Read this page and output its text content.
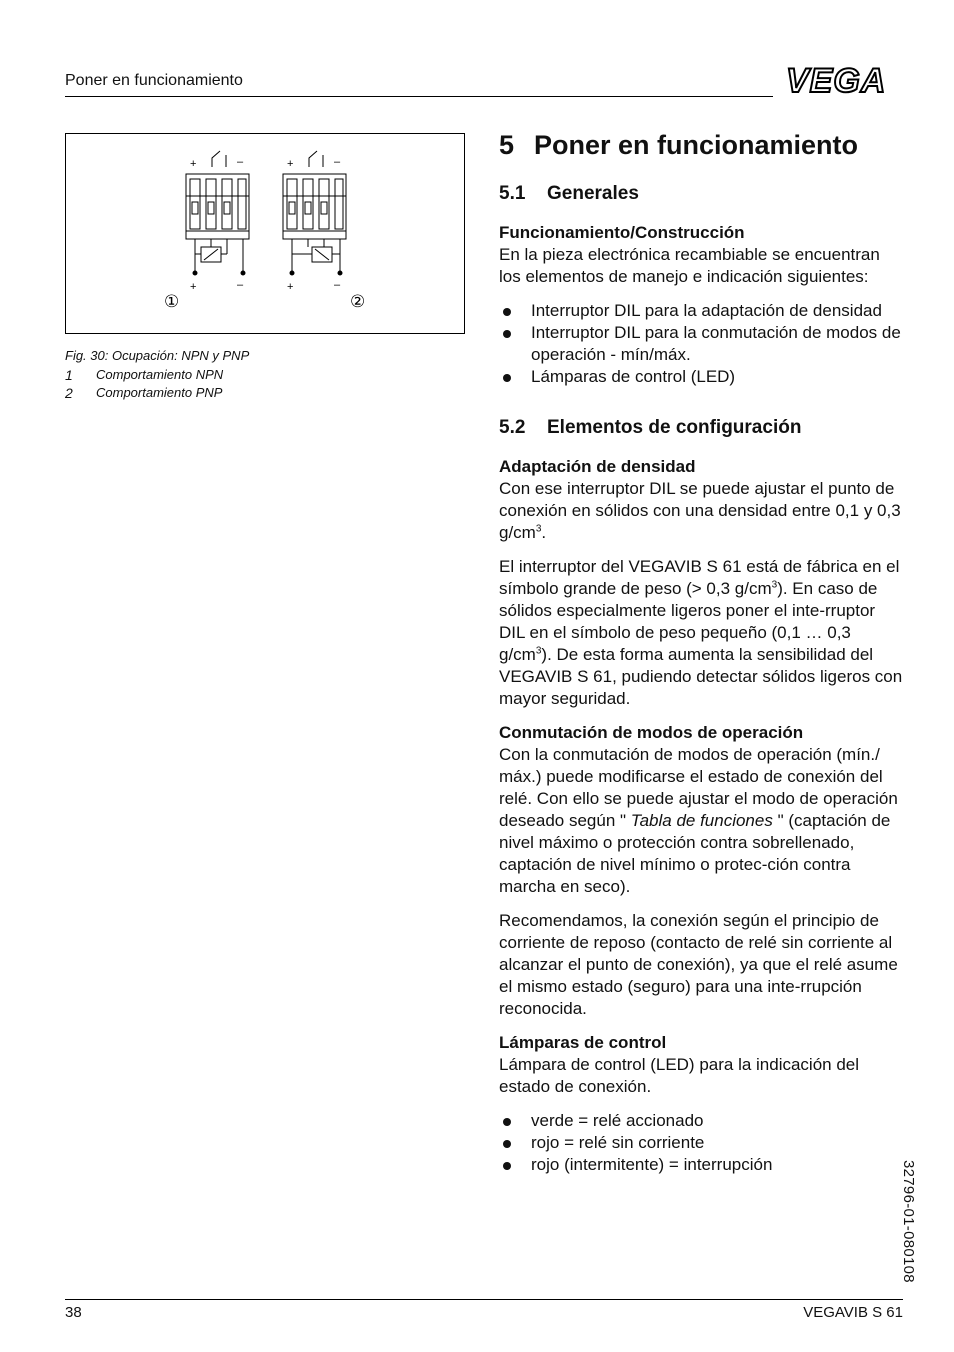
Poner en funcionamiento	VEGA
+	–	+	–
+	–	+	–
①	②
Fig. 30: Ocupación: NPN y PNP
1	Comportamiento NPN
2	Comportamiento PNP
5 Poner en funcionamiento
5.1 Generales

Funcionamiento/Construcción

En la pieza electrónica recambiable se encuentran los elementos de manejo e indicación siguientes:

Interruptor DIL para la adaptación de densidad
Interruptor DIL para la conmutación de modos de operación - mín/máx.
Lámparas de control (LED)
5.2 Elementos de configuración

Adaptación de densidad

Con ese interruptor DIL se puede ajustar el punto de conexión en sólidos con una densidad entre 0,1 y 0,3 $g/cm^3$.

El interruptor del VEGAVIB S 61 está de fábrica en el símbolo grande de peso (> 0,3 $g/cm^3$). En caso de sólidos especialmente ligeros poner el inte-rruptor DIL en el símbolo de peso pequeño (0,1 … 0,3 $g/cm^3$). De esta forma aumenta la sensibilidad del VEGAVIB S 61, pudiendo detectar sólidos ligeros con mayor seguridad.

Conmutación de modos de operación

Con la conmutación de modos de operación (mín./ máx.) puede modificarse el estado de conexión del relé. Con ello se puede ajustar el modo de operación deseado según " Tabla de funciones " (captación de nivel máximo o protección contra sobrellenado, captación de nivel mínimo o protec-ción contra marcha en seco).

Recomendamos, la conexión según el principio de corriente de reposo (contacto de relé sin corriente al alcanzar el punto de conexión), ya que el relé asume el mismo estado (seguro) para una inte-rrupción reconocida.

Lámparas de control

Lámpara de control (LED) para la indicación del estado de conexión.

verde = relé accionado
rojo = relé sin corriente
rojo (intermitente) = interrupción	32796-01-080108
38	VEGAVIB S 61
